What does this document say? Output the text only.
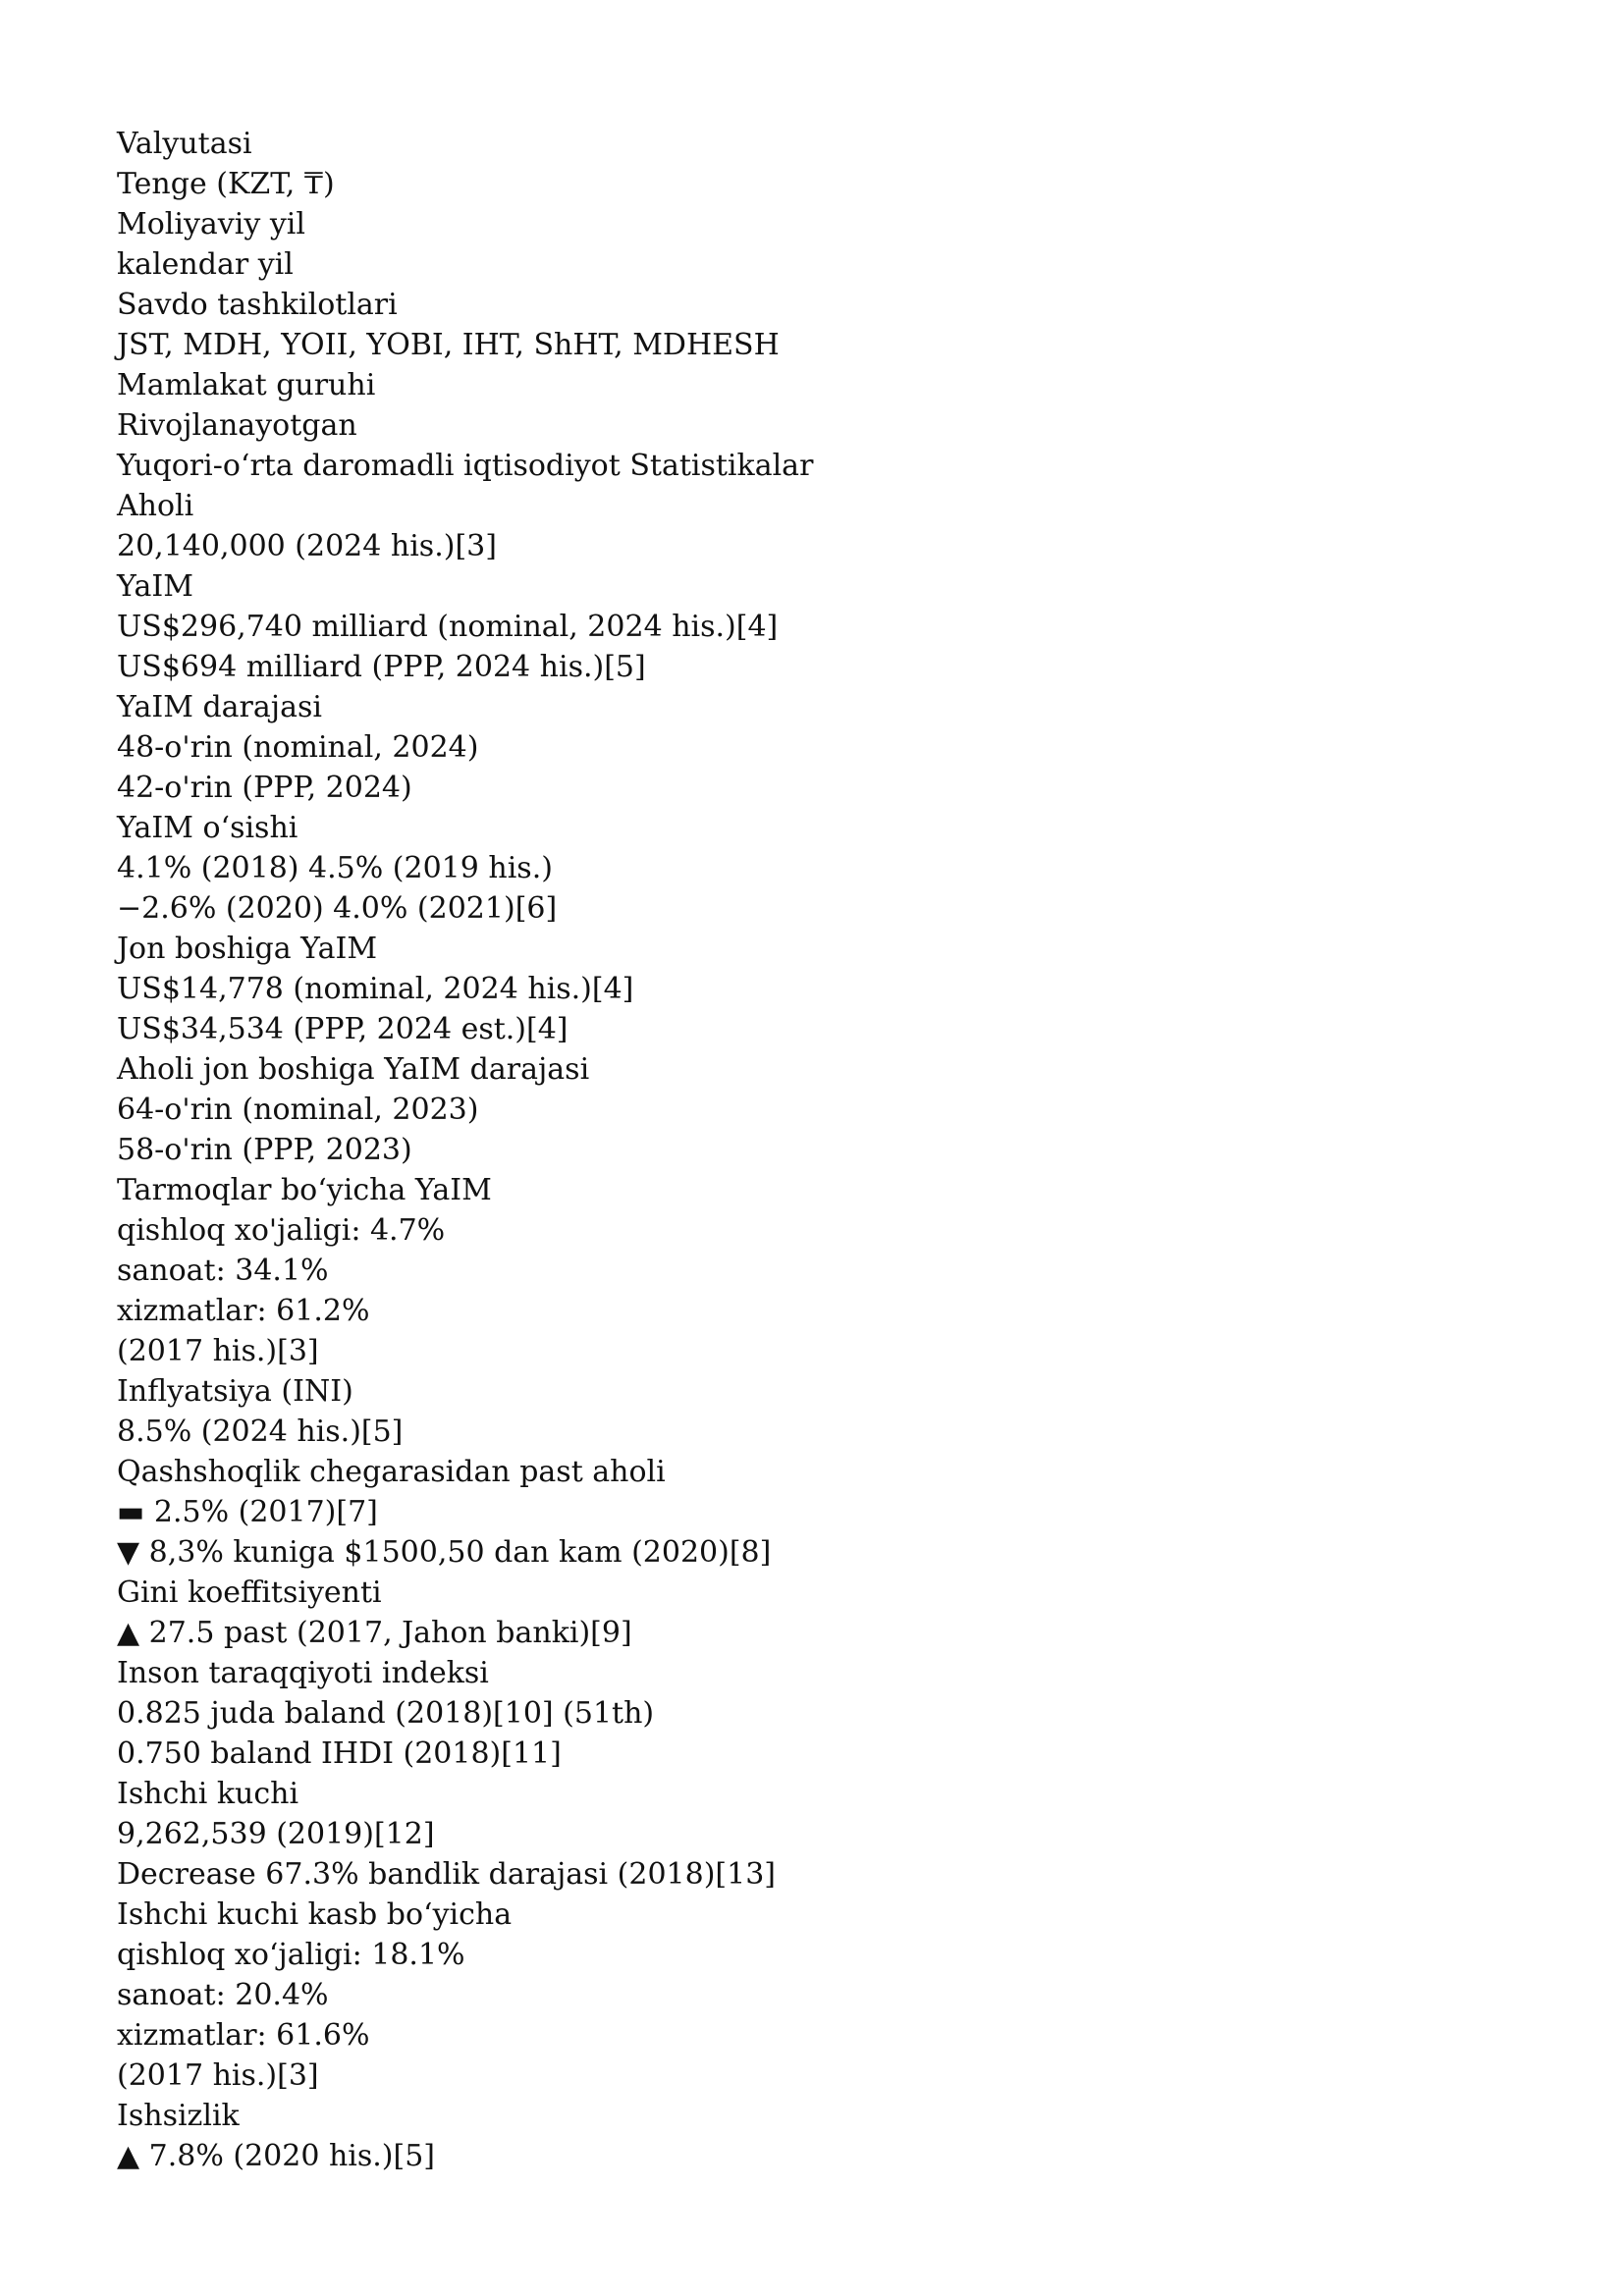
Valyutasi

Tenge (KZT, ₸)

Moliyaviy yil

kalendar yil

Savdo tashkilotlari

JST, MDH, YOII, YOBI, IHT, ShHT, MDHESH

Mamlakat guruhi

Rivojlanayotgan

Yuqori-oʻrta daromadli iqtisodiyot Statistikalar

Aholi

20,140,000 (2024 his.)[3]

YaIM

US$296,740 milliard (nominal, 2024 his.)[4]

US$694 milliard (PPP, 2024 his.)[5]

YaIM darajasi

48-o'rin (nominal, 2024)

42-o'rin (PPP, 2024)

YaIM oʻsishi

4.1% (2018) 4.5% (2019 his.)

−2.6% (2020) 4.0% (2021)[6]

Jon boshiga YaIM

US$14,778 (nominal, 2024 his.)[4]

US$34,534 (PPP, 2024 est.)[4]

Aholi jon boshiga YaIM darajasi

64-o'rin (nominal, 2023)

58-o'rin (PPP, 2023)

Tarmoqlar boʻyicha YaIM

qishloq xo'jaligi: 4.7%

sanoat: 34.1%

xizmatlar: 61.2%

(2017 his.)[3]

Inflyatsiya (INI)

8.5% (2024 his.)[5]

Qashshoqlik chegarasidan past aholi

▬ 2.5% (2017)[7]

▼ 8,3% kuniga $1500,50 dan kam (2020)[8]

Gini koeffitsiyenti

▲ 27.5 past (2017, Jahon banki)[9]

Inson taraqqiyoti indeksi

0.825 juda baland (2018)[10] (51th)

0.750 baland IHDI (2018)[11]

Ishchi kuchi

9,262,539 (2019)[12]

Decrease 67.3% bandlik darajasi (2018)[13]

Ishchi kuchi kasb boʻyicha

qishloq xoʻjaligi: 18.1%

sanoat: 20.4%

xizmatlar: 61.6%

(2017 his.)[3]

Ishsizlik

▲ 7.8% (2020 his.)[5]
